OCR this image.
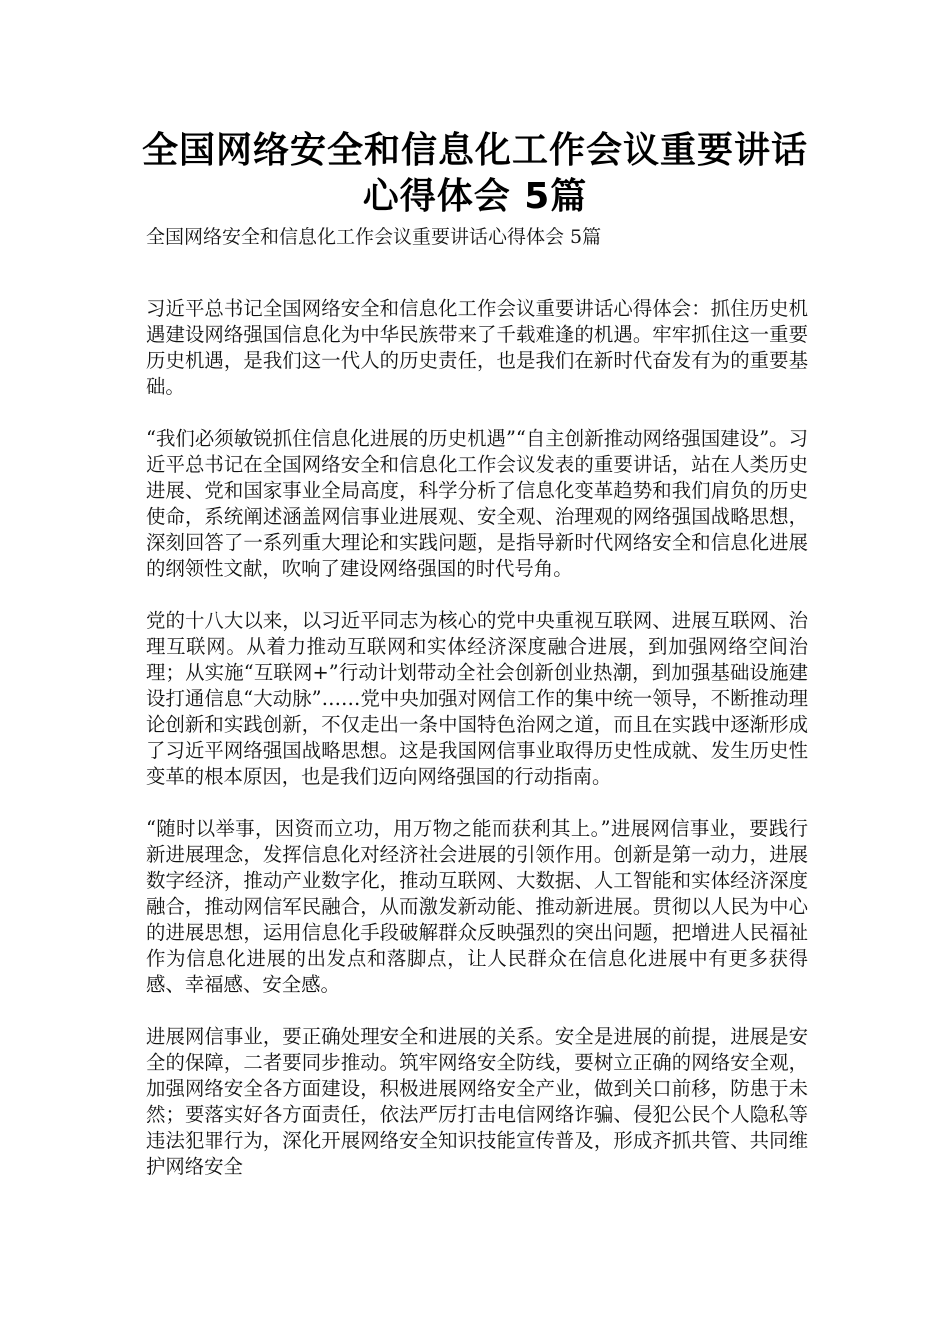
全国网络安全和信息化工作会议重要讲话
心得体会 5篇

全国网络安全和信息化工作会议重要讲话心得体会 5篇

习近平总书记全国网络安全和信息化工作会议重要讲话心得体会：抓住历史机遇建设网络强国信息化为中华民族带来了千载难逢的机遇。牢牢抓住这一重要历史机遇，是我们这一代人的历史责任，也是我们在新时代奋发有为的重要基础。

“我们必须敏锐抓住信息化进展的历史机遇”“自主创新推动网络强国建设”。习近平总书记在全国网络安全和信息化工作会议发表的重要讲话，站在人类历史进展、党和国家事业全局高度，科学分析了信息化变革趋势和我们肩负的历史使命，系统阐述涵盖网信事业进展观、安全观、治理观的网络强国战略思想，深刻回答了一系列重大理论和实践问题，是指导新时代网络安全和信息化进展的纲领性文献，吹响了建设网络强国的时代号角。

党的十八大以来，以习近平同志为核心的党中央重视互联网、进展互联网、治理互联网。从着力推动互联网和实体经济深度融合进展，到加强网络空间治理；从实施“互联网+”行动计划带动全社会创新创业热潮，到加强基础设施建设打通信息“大动脉”……党中央加强对网信工作的集中统一领导，不断推动理论创新和实践创新，不仅走出一条中国特色治网之道，而且在实践中逐渐形成了习近平网络强国战略思想。这是我国网信事业取得历史性成就、发生历史性变革的根本原因，也是我们迈向网络强国的行动指南。

“随时以举事，因资而立功，用万物之能而获利其上。”进展网信事业，要践行新进展理念，发挥信息化对经济社会进展的引领作用。创新是第一动力，进展数字经济，推动产业数字化，推动互联网、大数据、人工智能和实体经济深度融合，推动网信军民融合，从而激发新动能、推动新进展。贯彻以人民为中心的进展思想，运用信息化手段破解群众反映强烈的突出问题，把增进人民福祉作为信息化进展的出发点和落脚点，让人民群众在信息化进展中有更多获得感、幸福感、安全感。

进展网信事业，要正确处理安全和进展的关系。安全是进展的前提，进展是安全的保障，二者要同步推动。筑牢网络安全防线，要树立正确的网络安全观，加强网络安全各方面建设，积极进展网络安全产业，做到关口前移，防患于未然；要落实好各方面责任，依法严厉打击电信网络诈骗、侵犯公民个人隐私等违法犯罪行为，深化开展网络安全知识技能宣传普及，形成齐抓共管、共同维护网络安全
